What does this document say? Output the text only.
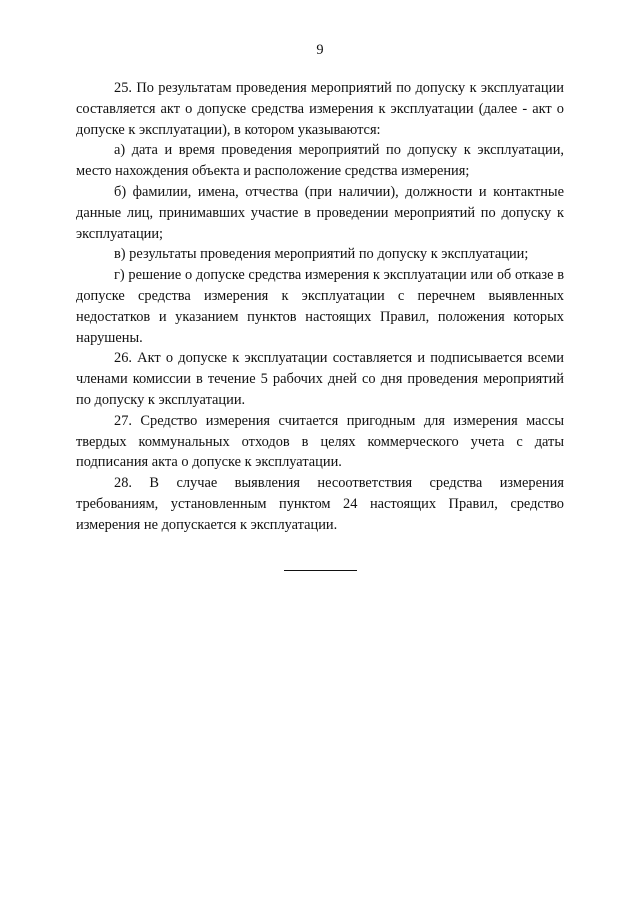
9

25. По результатам проведения мероприятий по допуску к эксплуатации составляется акт о допуске средства измерения к эксплуатации (далее - акт о допуске к эксплуатации), в котором указываются:

а) дата и время проведения мероприятий по допуску к эксплуатации, место нахождения объекта и расположение средства измерения;

б) фамилии, имена, отчества (при наличии), должности и контактные данные лиц, принимавших участие в проведении мероприятий по допуску к эксплуатации;

в) результаты проведения мероприятий по допуску к эксплуатации;

г) решение о допуске средства измерения к эксплуатации или об отказе в допуске средства измерения к эксплуатации с перечнем выявленных недостатков и указанием пунктов настоящих Правил, положения которых нарушены.

26. Акт о допуске к эксплуатации составляется и подписывается всеми членами комиссии в течение 5 рабочих дней со дня проведения мероприятий по допуску к эксплуатации.

27. Средство измерения считается пригодным для измерения массы твердых коммунальных отходов в целях коммерческого учета с даты подписания акта о допуске к эксплуатации.

28. В случае выявления несоответствия средства измерения требованиям, установленным пунктом 24 настоящих Правил, средство измерения не допускается к эксплуатации.
